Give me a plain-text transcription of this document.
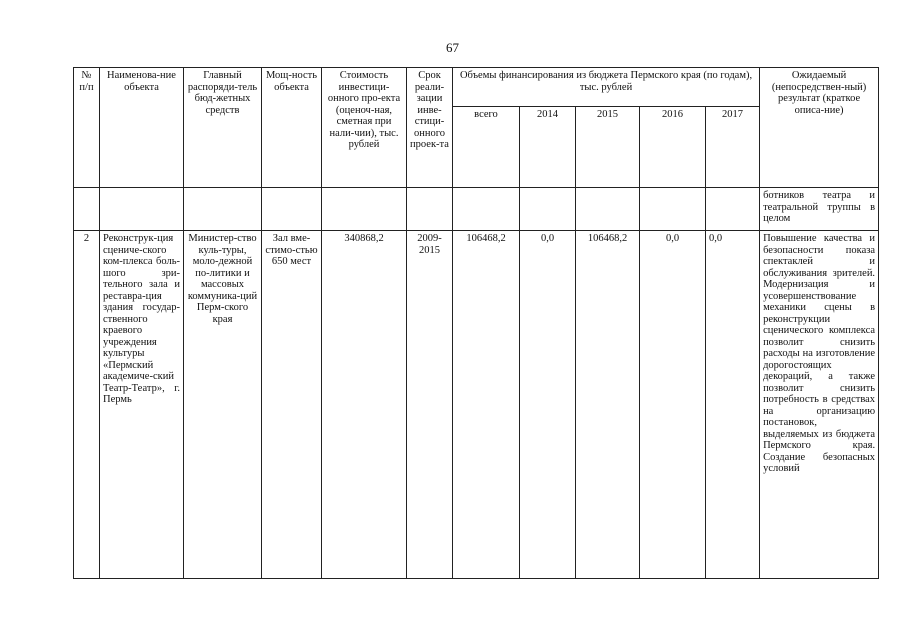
67
№ п/п	Наименова-ние объекта	Главный распоряди-тель бюд-жетных средств	Мощ-ность объекта	Стоимость инвестици-онного про-екта (оценоч-ная, сметная при нали-чии), тыс. рублей	Срок реали-зации инве-стици-онного проек-та	Объемы финансирования из бюджета Пермского края (по годам), тыс. рублей					Ожидаемый (непосредствен-ный) результат (краткое описа-ние)
						всего	2014	2015	2016	2017	
											ботников театра и театральной труппы в целом
2	Реконструк-ция сцениче-ского ком-плекса боль-шого зри-тельного зала и реставра-ция здания государ-ственного краевого учреждения культуры «Пермский академиче-ский Театр-Театр», г. Пермь	Министер-ство куль-туры, моло-дежной по-литики и массовых коммуника-ций Перм-ского края	Зал вме-стимо-стью 650 мест	340868,2	2009-2015	106468,2	0,0	106468,2	0,0	0,0	Повышение качества и безопасности показа спектаклей и обслуживания зрителей. Модернизация и усовершенствование механики сцены в реконструкции сценического комплекса позволит снизить расходы на изготовление дорогостоящих декораций, а также позволит снизить потребность в средствах на организацию постановок, выделяемых из бюджета Пермского края. Создание безопасных условий
